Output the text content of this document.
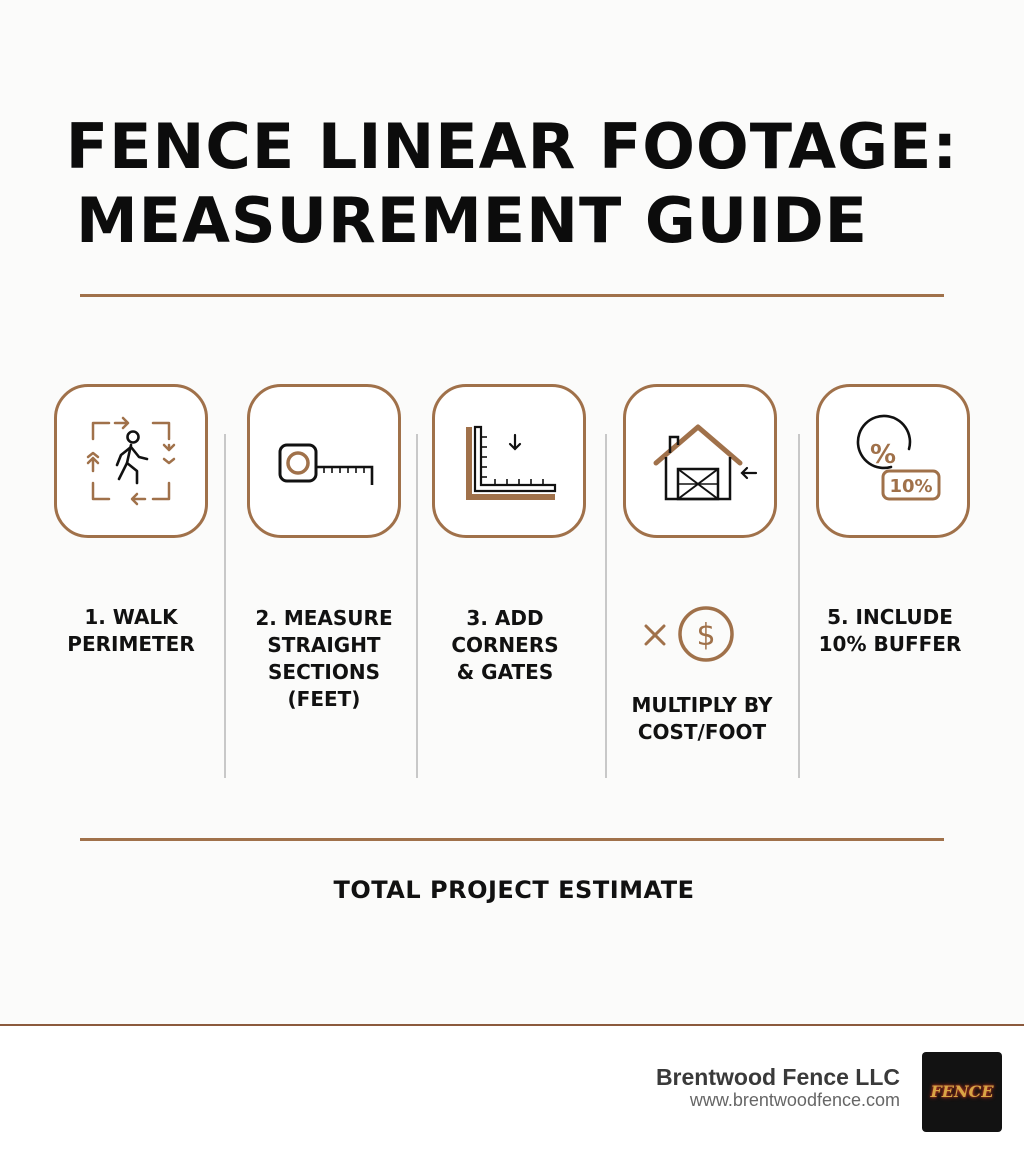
FENCE LINEAR FOOTAGE:
MEASUREMENT GUIDE
%
10%
1. WALK
PERIMETER
2. MEASURE
STRAIGHT
SECTIONS
(FEET)
3. ADD
CORNERS
& GATES
$
MULTIPLY BY
COST/FOOT
5. INCLUDE
10% BUFFER
TOTAL PROJECT ESTIMATE
Brentwood Fence LLC
www.brentwoodfence.com	FENCE
